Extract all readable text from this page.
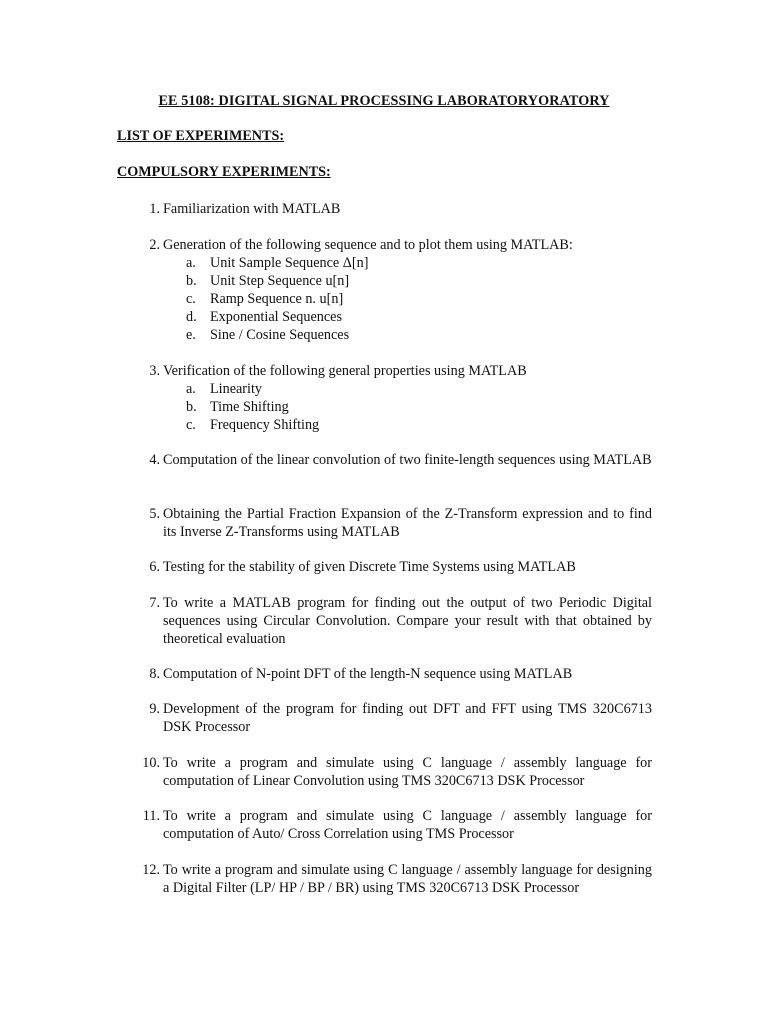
EE 5108: DIGITAL SIGNAL PROCESSING LABORATORYORATORY
LIST OF EXPERIMENTS:
COMPULSORY EXPERIMENTS:
1. Familiarization with MATLAB
2. Generation of the following sequence and to plot them using MATLAB:
a. Unit Sample Sequence Δ[n]
b. Unit Step Sequence u[n]
c. Ramp Sequence n. u[n]
d. Exponential Sequences
e. Sine / Cosine Sequences
3. Verification of the following general properties using MATLAB
a. Linearity
b. Time Shifting
c. Frequency Shifting
4. Computation of the linear convolution of two finite-length sequences using MATLAB
5. Obtaining the Partial Fraction Expansion of the Z-Transform expression and to find its Inverse Z-Transforms using MATLAB
6. Testing for the stability of given Discrete Time Systems using MATLAB
7. To write a MATLAB program for finding out the output of two Periodic Digital sequences using Circular Convolution. Compare your result with that obtained by theoretical evaluation
8. Computation of N-point DFT of the length-N sequence using MATLAB
9. Development of the program for finding out DFT and FFT using TMS 320C6713 DSK Processor
10. To write a program and simulate using C language / assembly language for computation of Linear Convolution using TMS 320C6713 DSK Processor
11. To write a program and simulate using C language / assembly language for computation of Auto/ Cross Correlation using TMS Processor
12. To write a program and simulate using C language / assembly language for designing a Digital Filter (LP/ HP / BP / BR) using TMS 320C6713 DSK Processor
